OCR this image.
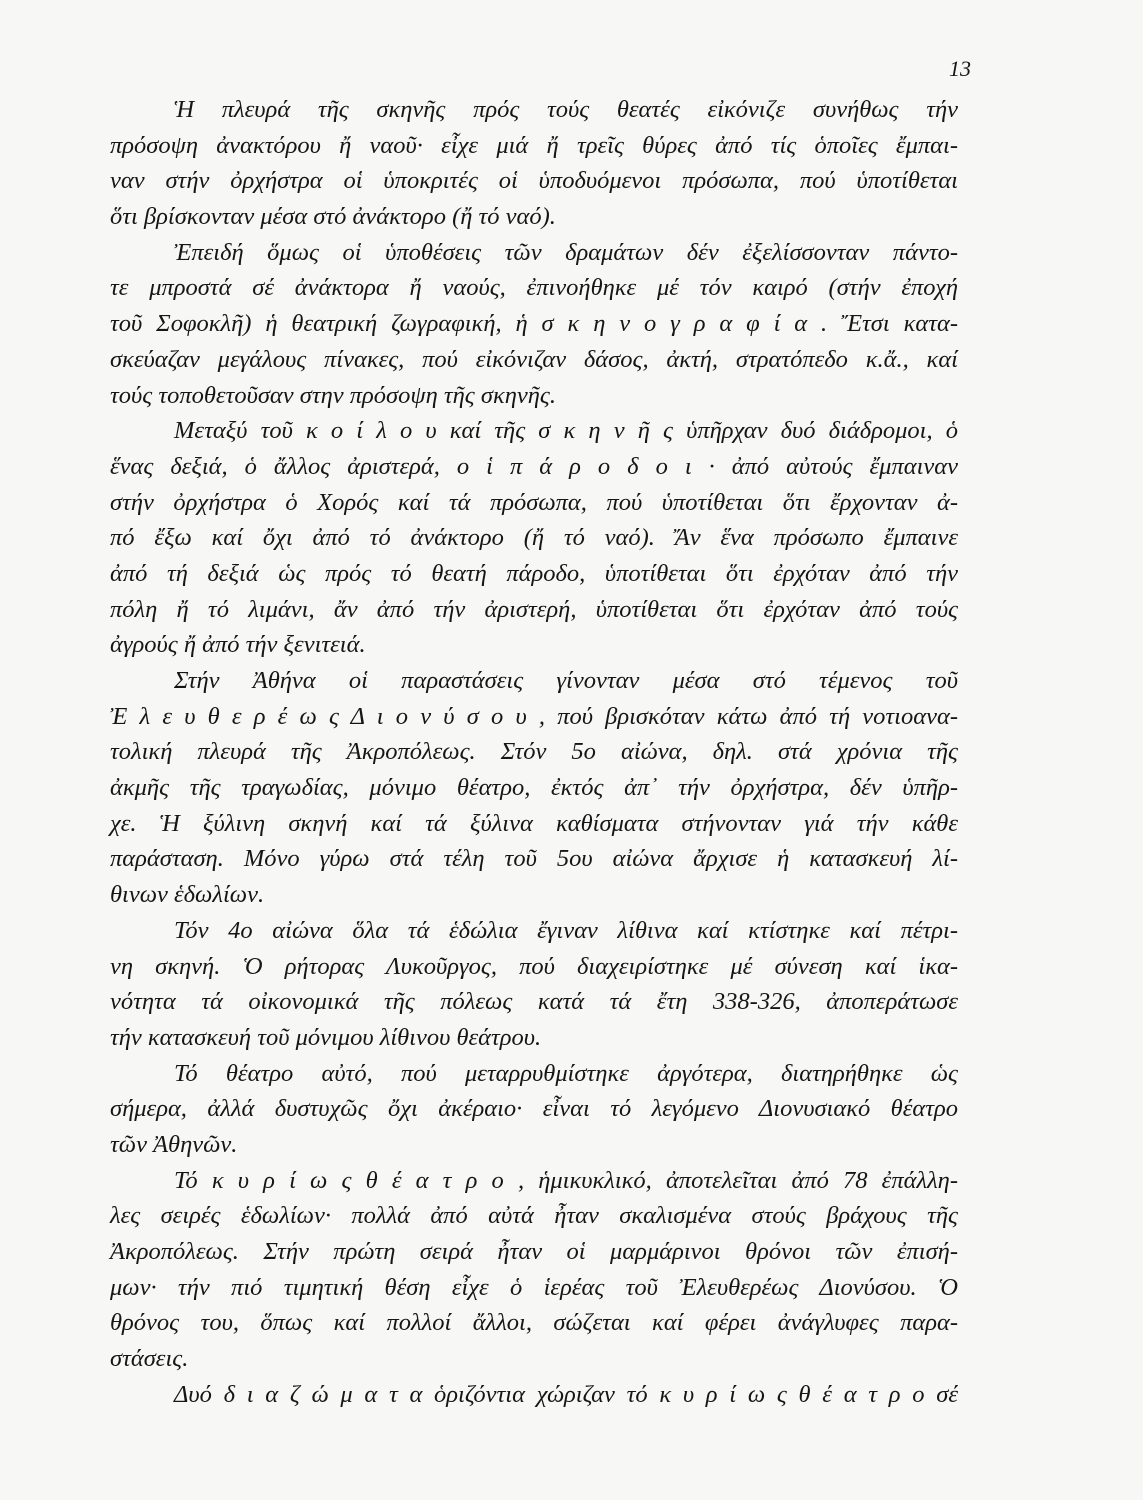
13
Ἡ πλευρά τῆς σκηνῆς πρός τούς θεατές εἰκόνιζε συνήθως τήν
πρόσοψη ἀνακτόρου ἤ ναοῦ· εἶχε μιά ἤ τρεῖς θύρες ἀπό τίς ὁποῖες ἔμπαι-
ναν στήν ὀρχήστρα οἱ ὑποκριτές οἱ ὑποδυόμενοι πρόσωπα, πού ὑποτίθεται
ὅτι βρίσκονταν μέσα στό ἀνάκτορο (ἤ τό ναό).
Ἐπειδή ὅμως οἱ ὑποθέσεις τῶν δραμάτων δέν ἐξελίσσονταν πάντο-
τε μπροστά σέ ἀνάκτορα ἤ ναούς, ἐπινοήθηκε μέ τόν καιρό (στήν ἐποχή
τοῦ Σοφοκλῆ) ἡ θεατρική ζωγραφική, ἡ σ κ η ν ο γ ρ α φ ί α . Ἔτσι κατα-
σκεύαζαν μεγάλους πίνακες, πού εἰκόνιζαν δάσος, ἀκτή, στρατόπεδο κ.ἄ., καί
τούς τοποθετοῦσαν στην πρόσοψη τῆς σκηνῆς.
Μεταξύ τοῦ κ ο ί λ ο υ καί τῆς σ κ η ν ῆ ς ὑπῆρχαν δυό διάδρομοι, ὁ
ἕνας δεξιά, ὁ ἄλλος ἀριστερά, ο ἱ π ά ρ ο δ ο ι · ἀπό αὐτούς ἔμπαιναν
στήν ὀρχήστρα ὁ Χορός καί τά πρόσωπα, πού ὑποτίθεται ὅτι ἔρχονταν ἀ-
πό ἔξω καί ὄχι ἀπό τό ἀνάκτορο (ἤ τό ναό). Ἄν ἕνα πρόσωπο ἔμπαινε
ἀπό τή δεξιά ὡς πρός τό θεατή πάροδο, ὑποτίθεται ὅτι ἐρχόταν ἀπό τήν
πόλη ἤ τό λιμάνι, ἄν ἀπό τήν ἀριστερή, ὑποτίθεται ὅτι ἐρχόταν ἀπό τούς
ἀγρούς ἤ ἀπό τήν ξενιτειά.
Στήν Ἀθήνα οἱ παραστάσεις γίνονταν μέσα στό τέμενος τοῦ
Ἐ λ ε υ θ ε ρ έ ω ς Δ ι ο ν ύ σ ο υ , πού βρισκόταν κάτω ἀπό τή νοτιοανα-
τολική πλευρά τῆς Ἀκροπόλεως. Στόν 5ο αἰώνα, δηλ. στά χρόνια τῆς
ἀκμῆς τῆς τραγωδίας, μόνιμο θέατρο, ἐκτός ἀπ᾽ τήν ὀρχήστρα, δέν ὑπῆρ-
χε. Ἡ ξύλινη σκηνή καί τά ξύλινα καθίσματα στήνονταν γιά τήν κάθε
παράσταση. Μόνο γύρω στά τέλη τοῦ 5ου αἰώνα ἄρχισε ἡ κατασκευή λί-
θινων ἑδωλίων.
Τόν 4ο αἰώνα ὅλα τά ἑδώλια ἔγιναν λίθινα καί κτίστηκε καί πέτρι-
νη σκηνή. Ὁ ρήτορας Λυκοῦργος, πού διαχειρίστηκε μέ σύνεση καί ἱκα-
νότητα τά οἰκονομικά τῆς πόλεως κατά τά ἔτη 338-326, ἀποπεράτωσε
τήν κατασκευή τοῦ μόνιμου λίθινου θεάτρου.
Τό θέατρο αὐτό, πού μεταρρυθμίστηκε ἀργότερα, διατηρήθηκε ὡς
σήμερα, ἀλλά δυστυχῶς ὄχι ἀκέραιο· εἶναι τό λεγόμενο Διονυσιακό θέατρο
τῶν Ἀθηνῶν.
Τό κ υ ρ ί ω ς θ έ α τ ρ ο , ἡμικυκλικό, ἀποτελεῖται ἀπό 78 ἐπάλλη-
λες σειρές ἑδωλίων· πολλά ἀπό αὐτά ἦταν σκαλισμένα στούς βράχους τῆς
Ἀκροπόλεως. Στήν πρώτη σειρά ἦταν οἱ μαρμάρινοι θρόνοι τῶν ἐπισή-
μων· τήν πιό τιμητική θέση εἶχε ὁ ἱερέας τοῦ Ἐλευθερέως Διονύσου. Ὁ
θρόνος του, ὅπως καί πολλοί ἄλλοι, σώζεται καί φέρει ἀνάγλυφες παρα-
στάσεις.
Δυό δ ι α ζ ώ μ α τ α ὁριζόντια χώριζαν τό κ υ ρ ί ω ς θ έ α τ ρ ο σέ
